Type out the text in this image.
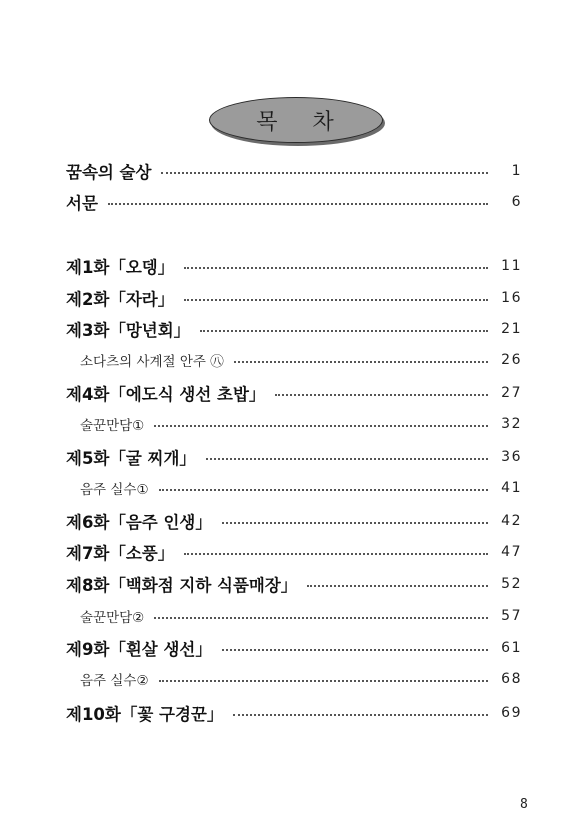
목 차
꿈속의 술상	1
서문	6
제1화「오뎅」	11
제2화「자라」	16
제3화「망년회」	21
소다츠의 사계절 안주 ㊇	26
제4화「에도식 생선 초밥」	27
술꾼만담①	32
제5화「굴 찌개」	36
음주 실수①	41
제6화「음주 인생」	42
제7화「소풍」	47
제8화「백화점 지하 식품매장」	52
술꾼만담②	57
제9화「흰살 생선」	61
음주 실수②	68
제10화「꽃 구경꾼」	69
8
